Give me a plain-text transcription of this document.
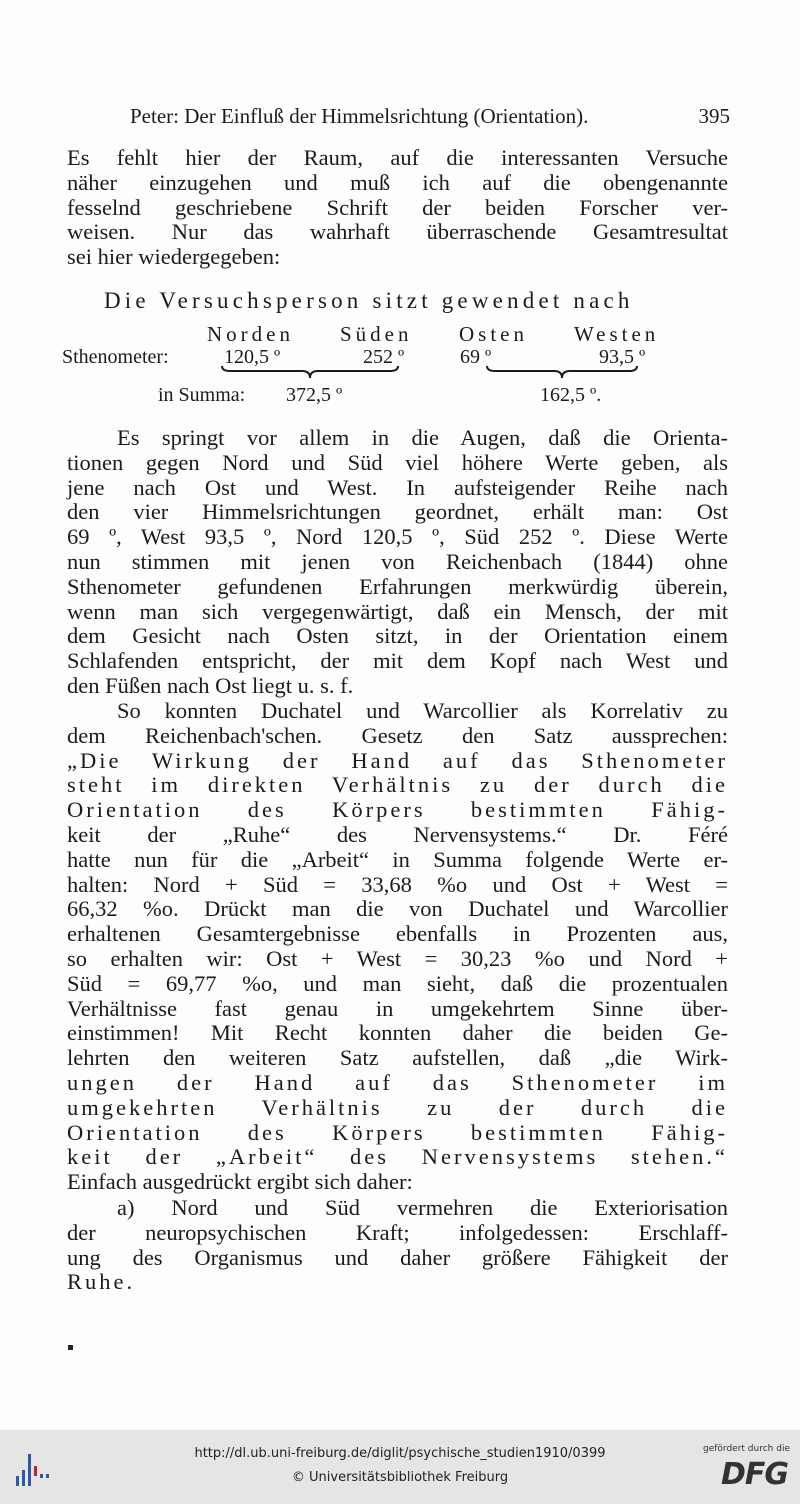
Peter: Der Einfluß der Himmelsrichtung (Orientation).	395
Es fehlt hier der Raum, auf die interessanten Versuche
näher einzugehen und muß ich auf die obengenannte
fesselnd geschriebene Schrift der beiden Forscher ver-
weisen. Nur das wahrhaft überraschende Gesamtresultat
sei hier wiedergegeben:
Die Versuchsperson sitzt gewendet nach
Norden Süden Osten Westen
Sthenometer:	120,5 º	252 º	69 º	93,5 º
in Summa: 372,5 º	162,5 º.
Es springt vor allem in die Augen, daß die Orienta-
tionen gegen Nord und Süd viel höhere Werte geben, als
jene nach Ost und West. In aufsteigender Reihe nach
den vier Himmelsrichtungen geordnet, erhält man: Ost
69 º, West 93,5 º, Nord 120,5 º, Süd 252 º. Diese Werte
nun stimmen mit jenen von Reichenbach (1844) ohne
Sthenometer gefundenen Erfahrungen merkwürdig überein,
wenn man sich vergegenwärtigt, daß ein Mensch, der mit
dem Gesicht nach Osten sitzt, in der Orientation einem
Schlafenden entspricht, der mit dem Kopf nach West und
den Füßen nach Ost liegt u. s. f.
So konnten Duchatel und Warcollier als Korrelativ zu
dem Reichenbach'schen. Gesetz den Satz aussprechen:
„Die Wirkung der Hand auf das Sthenometer
steht im direkten Verhältnis zu der durch die
Orientation des Körpers bestimmten Fähig-
keit der „Ruhe“ des Nervensystems.“ Dr. Féré
hatte nun für die „Arbeit“ in Summa folgende Werte er-
halten: Nord + Süd = 33,68 %o und Ost + West =
66,32 %o. Drückt man die von Duchatel und Warcollier
erhaltenen Gesamtergebnisse ebenfalls in Prozenten aus,
so erhalten wir: Ost + West = 30,23 %o und Nord +
Süd = 69,77 %o, und man sieht, daß die prozentualen
Verhältnisse fast genau in umgekehrtem Sinne über-
einstimmen! Mit Recht konnten daher die beiden Ge-
lehrten den weiteren Satz aufstellen, daß „die Wirk-
ungen der Hand auf das Sthenometer im
umgekehrten Verhältnis zu der durch die
Orientation des Körpers bestimmten Fähig-
keit der „Arbeit“ des Nervensystems stehen.“
Einfach ausgedrückt ergibt sich daher:
a) Nord und Süd vermehren die Exteriorisation
der neuropsychischen Kraft; infolgedessen: Erschlaff-
ung des Organismus und daher größere Fähigkeit der
Ruhe.
http://dl.ub.uni-freiburg.de/diglit/psychische_studien1910/0399
© Universitätsbibliothek Freiburg
gefördert durch die
DFG
